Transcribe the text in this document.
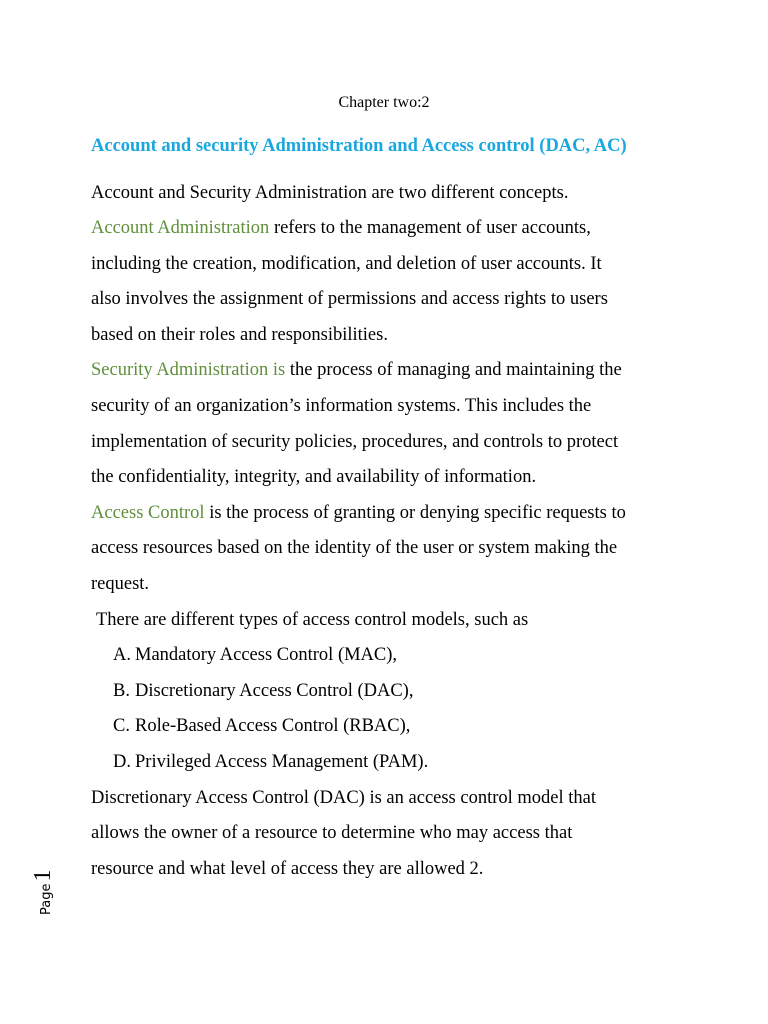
Chapter two:2
Account and security Administration and Access control (DAC, AC)
Account and Security Administration are two different concepts.
Account Administration refers to the management of user accounts,
including the creation, modification, and deletion of user accounts. It
also involves the assignment of permissions and access rights to users
based on their roles and responsibilities.
Security Administration is the process of managing and maintaining the
security of an organization’s information systems. This includes the
implementation of security policies, procedures, and controls to protect
the confidentiality, integrity, and availability of information.
Access Control is the process of granting or denying specific requests to
access resources based on the identity of the user or system making the
request.
There are different types of access control models, such as
A. Mandatory Access Control (MAC),
B. Discretionary Access Control (DAC),
C. Role-Based Access Control (RBAC),
D. Privileged Access Management (PAM).
Discretionary Access Control (DAC) is an access control model that
allows the owner of a resource to determine who may access that
resource and what level of access they are allowed 2.
Page1
